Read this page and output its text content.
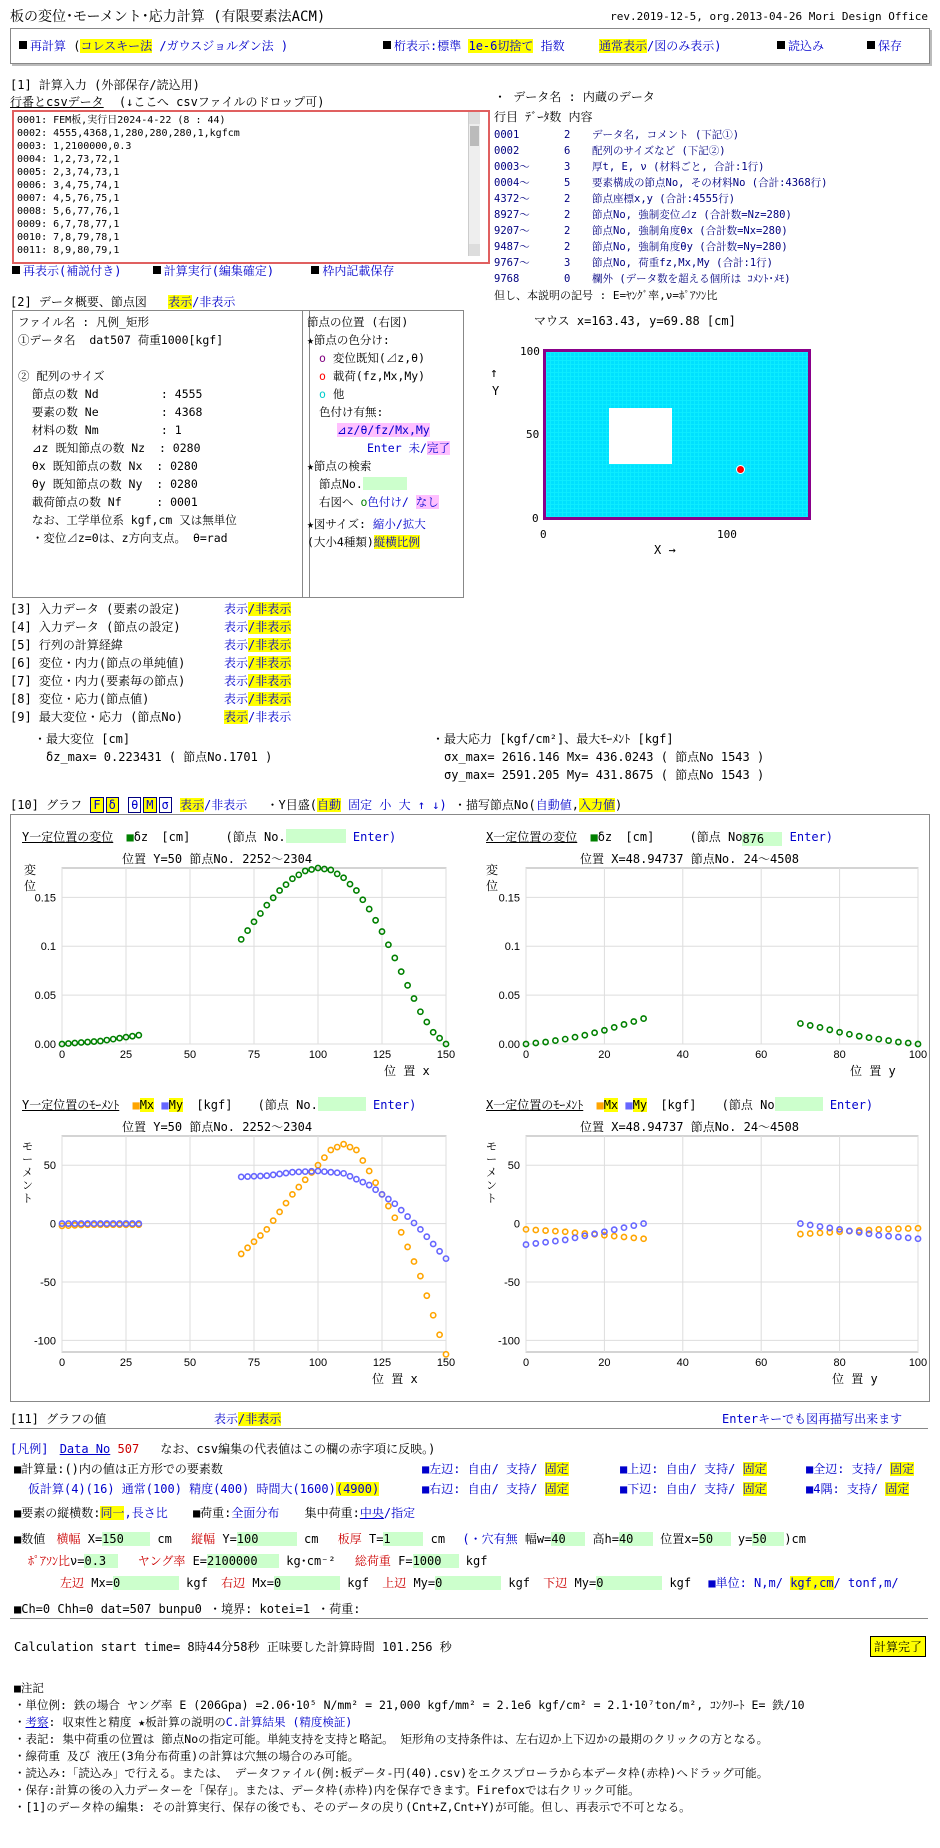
板の変位･モーメント･応力計算 (有限要素法ACM)	rev.2019-12-5, org.2013-04-26 Mori Design Office
再計算 (コレスキー法 /ガウスジョルダン法 )	桁表示:標準 1e-6切捨て 指数	通常表示/図のみ表示)	読込み	保存
[1] 計算入力 (外部保存/読込用)
行番とcsvデータ (↓ここへ csvファイルのドロップ可)
0001: FEM板,実行日2024-4-22 (8 : 44)
0002: 4555,4368,1,280,280,280,1,kgfcm
0003: 1,2100000,0.3
0004: 1,2,73,72,1
0005: 2,3,74,73,1
0006: 3,4,75,74,1
0007: 4,5,76,75,1
0008: 5,6,77,76,1
0009: 6,7,78,77,1
0010: 7,8,79,78,1
0011: 8,9,80,79,1
再表示(補説付き)	計算実行(編集確定)	枠内記載保存
・ データ名 : 内蔵のデータ
行目 ﾃﾞｰﾀ数 内容
0001	2 データ名, コメント (下記①)
0002	6 配列のサイズなど (下記②)
0003～	3 厚t, E, ν (材料ごと, 合計:1行)
0004～	5 要素構成の節点No, その材料No (合計:4368行)
4372～	2 節点座標x,y (合計:4555行)
8927～	2 節点No, 強制変位⊿z (合計数=Nz=280)
9207～	2 節点No, 強制角度θx (合計数=Nx=280)
9487～	2 節点No, 強制角度θy (合計数=Ny=280)
9767～	3 節点No, 荷重fz,Mx,My (合計:1行)
9768	0 欄外 (データ数を超える個所は ｺﾒﾝﾄ･ﾒﾓ)
但し、本説明の記号 : E=ﾔﾝｸﾞ率,ν=ﾎﾟｱｿﾝ比
[2] データ概要、節点図 表示/非表示
ファイル名 : 凡例_矩形
①データ名  dat507 荷重1000[kgf]
② 配列のサイズ
節点の数 Nd         : 4555
要素の数 Ne         : 4368
材料の数 Nm         : 1
⊿z 既知節点の数 Nz  : 0280
θx 既知節点の数 Nx  : 0280
θy 既知節点の数 Ny  : 0280
載荷節点の数 Nf     : 0001
なお、工学単位系 kgf,cm 又は無単位
・変位⊿z=0は、z方向支点。 θ=rad
節点の位置 (右図)
★節点の色分け:
o 変位既知(⊿z,θ)
o 載荷(fz,Mx,My)
o 他
色付け有無:
⊿z/θ/fz/Mx,My
Enter 未/完了
★節点の検索
節点No.
右図へ o色付け/ なし
★図サイズ: 縮小/拡大
(大小4種類)縦横比例
マウス x=163.43, y=69.88 [cm]
↑
Y
100
50
0
0	100
X →
[3] 入力データ (要素の設定)	表示/非表示
[4] 入力データ (節点の設定)	表示/非表示
[5] 行列の計算経緯	表示/非表示
[6] 変位・内力(節点の単純値)	表示/非表示
[7] 変位・内力(要素毎の節点)	表示/非表示
[8] 変位・応力(節点値)	表示/非表示
[9] 最大変位・応力 (節点No)	表示/非表示
・最大変位 [cm]
δz_max= 0.223431 ( 節点No.1701 )
・最大応力 [kgf/cm²]、最大ﾓｰﾒﾝﾄ [kgf]
σx_max= 2616.146 Mx= 436.0243 ( 節点No 1543 )
σy_max= 2591.205 My= 431.8675 ( 節点No 1543 )
[10] グラフ F δ θ M σ 表示/非表示 ・Y目盛(自動 固定 小 大 ↑ ↓) ・描写節点No(自動値,入力値)
Y一定位置の変位 ■δz [cm]	(節点 No.	Enter)
位置 Y=50 節点No. 2252～2304
X一定位置の変位 ■δz [cm]	(節点 No876 Enter)
位置 X=48.94737 節点No. 24～4508
変 位
変 位
Y一定位置のﾓｰﾒﾝﾄ ■Mx ■My [kgf] (節点 No.	Enter)
位置 Y=50 節点No. 2252～2304
X一定位置のﾓｰﾒﾝﾄ ■Mx ■My [kgf] (節点 No	Enter)
位置 X=48.94737 節点No. 24～4508
モーメント
モーメント
0	25	50	75	100	125	150
0.00
0.05
0.1
0.15
0	20	40	60	80	100
0.00
0.05
0.1
0.15
0	25	50	75	100	125	150
-100
-50
0
50
0	20	40	60	80	100
-100
-50
0
50
位 置 x	位 置 y
位 置 x	位 置 y
[11] グラフの値	表示/非表示	Enterキーでも図再描写出来ます
[凡例] Data No 507 なお、csv編集の代表値はこの欄の赤字項に反映。)
■計算量:()内の値は正方形での要素数
仮計算(4)(16) 通常(100) 精度(400) 時間大(1600)(4900)
■左辺: 自由/ 支持/ 固定
■右辺: 自由/ 支持/ 固定
■上辺: 自由/ 支持/ 固定
■下辺: 自由/ 支持/ 固定
■全辺: 支持/ 固定
■4隅: 支持/ 固定
■要素の縦横数:同一,長さ比 ■荷重:全面分布 集中荷重:中央/指定
■数値 横幅 X=150	cm 縦幅 Y=100	cm 板厚 T=1	cm (・穴有無 幅w=40 高h=40 位置x=50 y=50 )cm
ﾎﾟｱｿﾝ比ν=0.3	ヤング率 E=2100000 kg･cm⁻² 総荷重 F=1000 kgf
左辺 Mx=0	kgf 右辺 Mx=0	kgf 上辺 My=0	kgf 下辺 My=0	kgf ■単位: N,m/ kgf,cm/ tonf,m/
■Ch=0 Chh=0 dat=507 bunpu0 ・境界: kotei=1 ・荷重:
Calculation start time= 8時44分58秒 正味要した計算時間 101.256 秒	計算完了
■注記
・単位例: 鉄の場合 ヤング率 E (206Gpa) =2.06･10⁵ N/mm² = 21,000 kgf/mm² = 2.1e6 kgf/cm² = 2.1･10⁷ton/m², ｺﾝｸﾘｰﾄ E= 鉄/10
・考察: 収束性と精度 ★板計算の説明のC.計算結果 (精度検証)
・表記: 集中荷重の位置は 節点Noの指定可能。単純支持を支持と略記。 矩形角の支持条件は、左右辺か上下辺かの最期のクリックの方となる。
・線荷重 及び 液圧(3角分布荷重)の計算は穴無の場合のみ可能。
・読込み:「読込み」で行える。または、 データファイル(例:板データ-円(40).csv)をエクスプローラから本データ枠(赤枠)へドラッグ可能。
・保存:計算の後の入力データーを「保存」。または、データ枠(赤枠)内を保存できます。Firefoxでは右クリック可能。
・[1]のデータ枠の編集: その計算実行、保存の後でも、そのデータの戻り(Cnt+Z,Cnt+Y)が可能。但し、再表示で不可となる。
